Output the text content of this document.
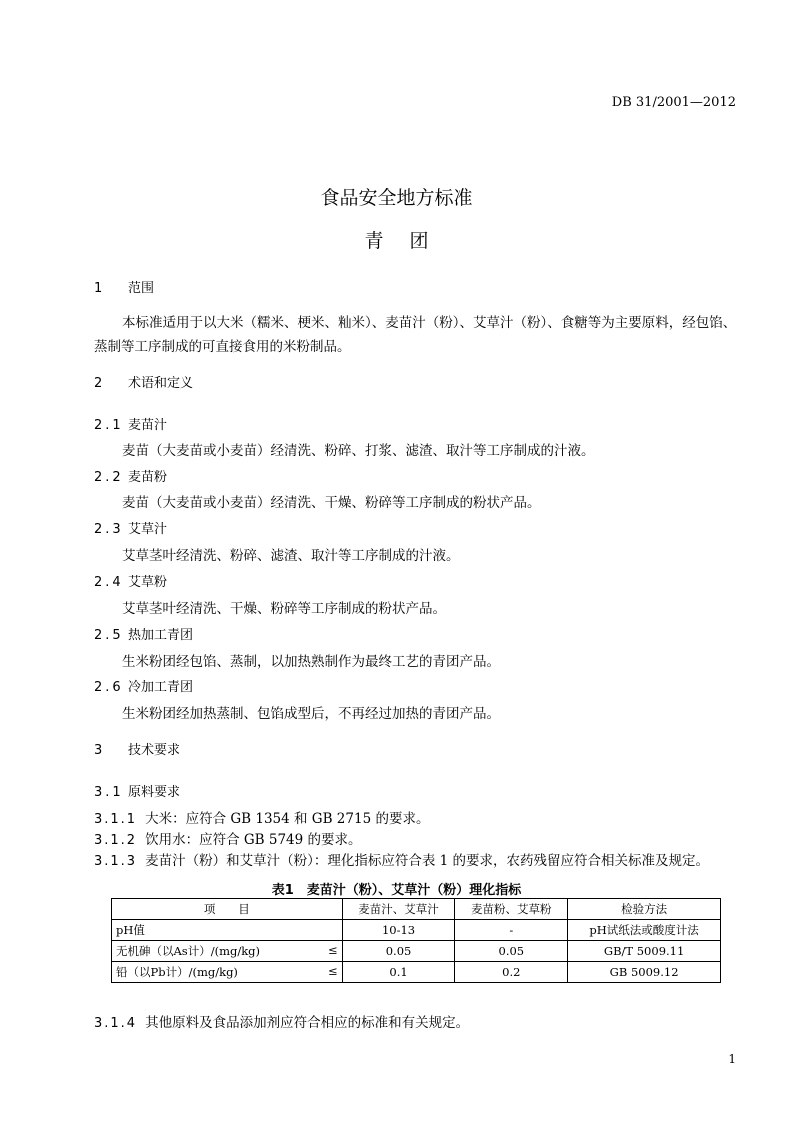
DB 31/2001—2012
食品安全地方标准
青团
1 范围
本标准适用于以大米（糯米、梗米、籼米）、麦苗汁（粉）、艾草汁（粉）、食糖等为主要原料，经包馅、蒸制等工序制成的可直接食用的米粉制品。
2 术语和定义
2.1 麦苗汁
麦苗（大麦苗或小麦苗）经清洗、粉碎、打浆、滤渣、取汁等工序制成的汁液。
2.2 麦苗粉
麦苗（大麦苗或小麦苗）经清洗、干燥、粉碎等工序制成的粉状产品。
2.3 艾草汁
艾草茎叶经清洗、粉碎、滤渣、取汁等工序制成的汁液。
2.4 艾草粉
艾草茎叶经清洗、干燥、粉碎等工序制成的粉状产品。
2.5 热加工青团
生米粉团经包馅、蒸制，以加热熟制作为最终工艺的青团产品。
2.6 冷加工青团
生米粉团经加热蒸制、包馅成型后，不再经过加热的青团产品。
3 技术要求
3.1 原料要求
3.1.1 大米：应符合 GB 1354 和 GB 2715 的要求。
3.1.2 饮用水：应符合 GB 5749 的要求。
3.1.3 麦苗汁（粉）和艾草汁（粉）：理化指标应符合表 1 的要求，农药残留应符合相关标准及规定。
表1　麦苗汁（粉）、艾草汁（粉）理化指标
项　　目	麦苗汁、艾草汁	麦苗粉、艾草粉	检验方法
pH值	10-13	-	pH试纸法或酸度计法
无机砷（以As计）/(mg/kg) ≤	0.05	0.05	GB/T 5009.11
铅（以Pb计）/(mg/kg) ≤	0.1	0.2	GB 5009.12
3.1.4 其他原料及食品添加剂应符合相应的标准和有关规定。
1
